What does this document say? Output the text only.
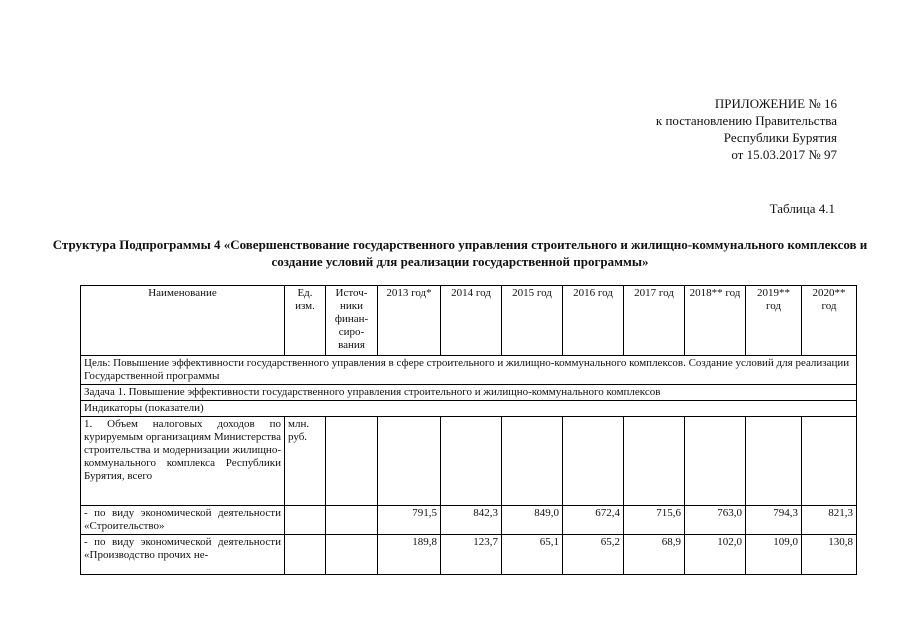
ПРИЛОЖЕНИЕ № 16
к постановлению Правительства
Республики Бурятия
от 15.03.2017 № 97
Таблица 4.1
Структура Подпрограммы 4 «Совершенствование государственного управления строительного и жилищно-коммунального комплексов и создание условий для реализации государственной программы»
Наименование	Ед. изм.	Источ-ники финан-сиро-вания	2013 год*	2014 год	2015 год	2016 год	2017 год	2018** год	2019** год	2020** год
Цель: Повышение эффективности государственного управления в сфере строительного и жилищно-коммунального комплексов. Создание условий для реализации Государственной программы										
Задача 1. Повышение эффективности государственного управления строительного и жилищно-коммунального комплексов										
Индикаторы (показатели)										
1. Объем налоговых доходов по курируемым организациям Министерства строительства и модернизации жилищно-коммунального комплекса Республики Бурятия, всего	млн. руб.									
- по виду экономической деятельности «Строительство»			791,5	842,3	849,0	672,4	715,6	763,0	794,3	821,3
- по виду экономической деятельности «Производство прочих не-			189,8	123,7	65,1	65,2	68,9	102,0	109,0	130,8
